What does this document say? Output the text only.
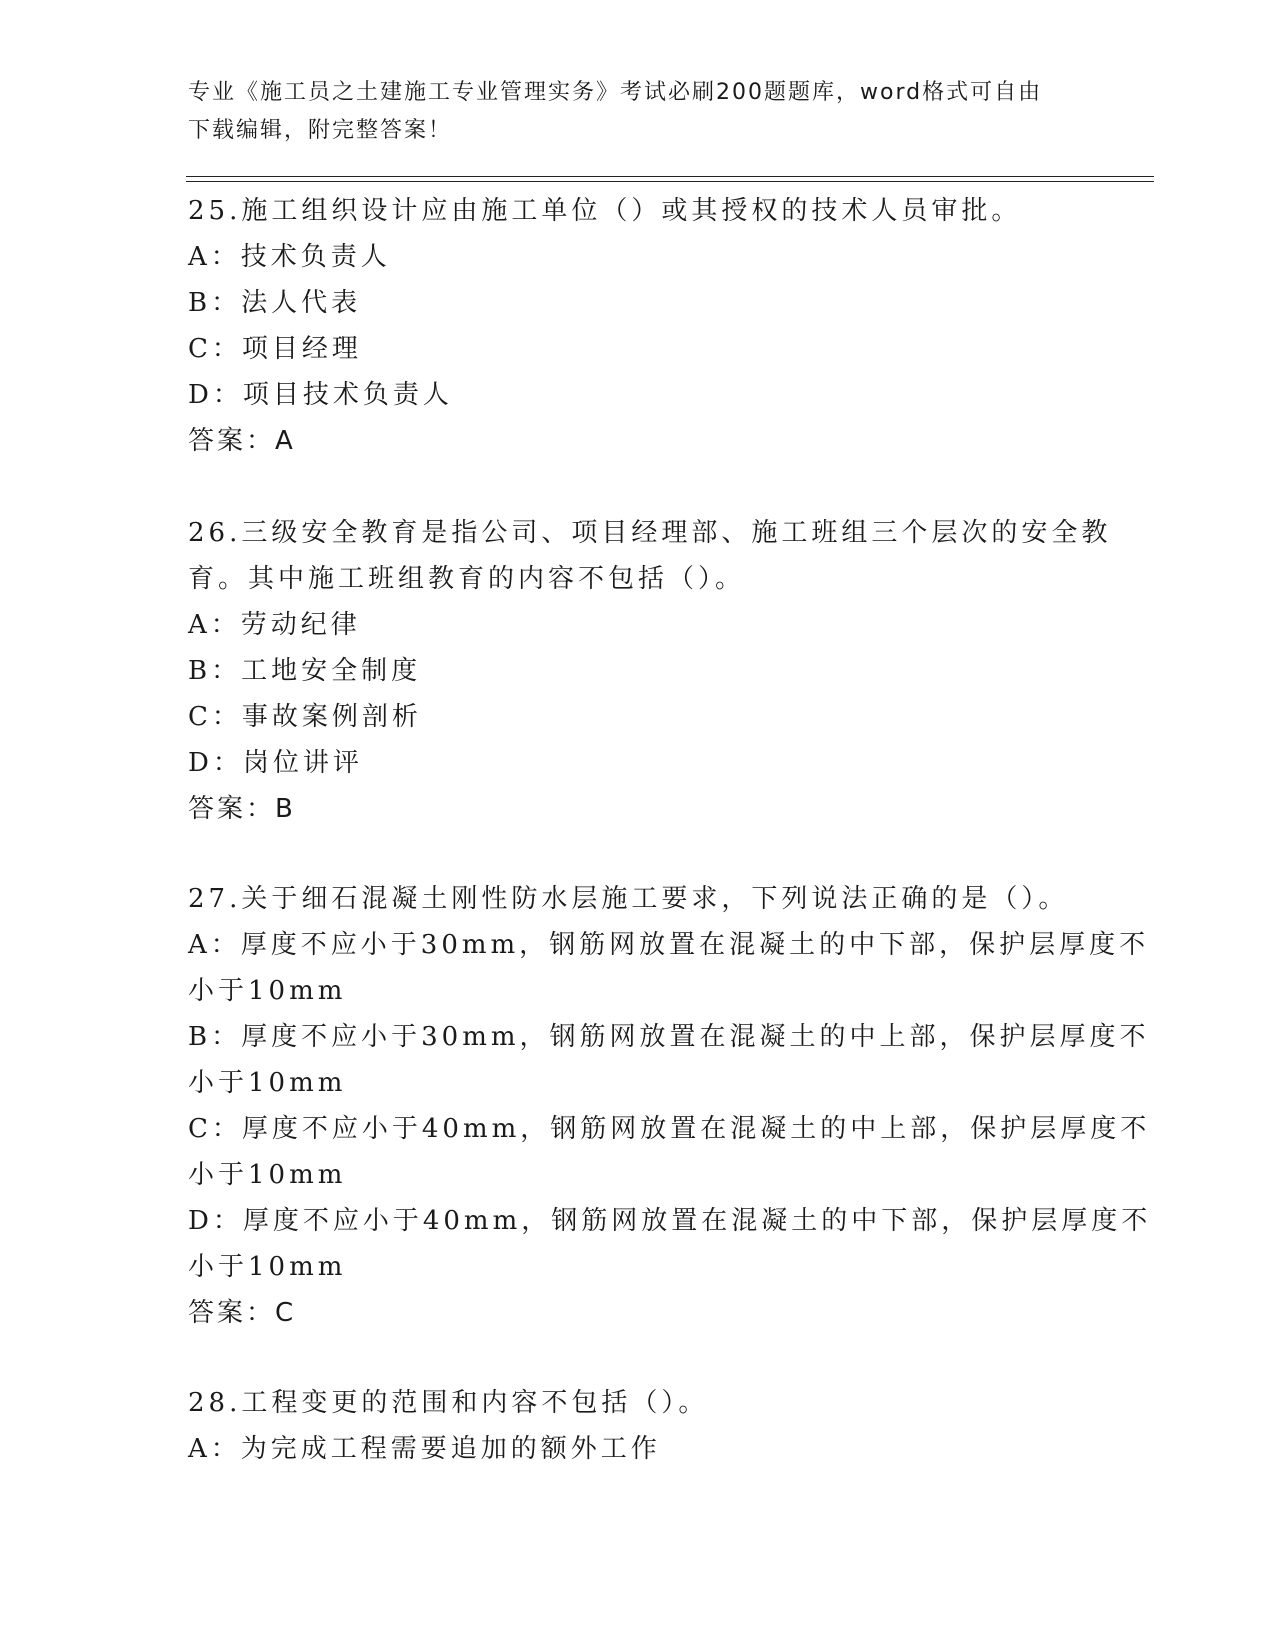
专业《施工员之土建施工专业管理实务》考试必刷200题题库，word格式可自由
下载编辑，附完整答案！
25.施工组织设计应由施工单位（）或其授权的技术人员审批。
A：技术负责人
B：法人代表
C：项目经理
D：项目技术负责人
答案：A
26.三级安全教育是指公司、项目经理部、施工班组三个层次的安全教
育。其中施工班组教育的内容不包括（）。
A：劳动纪律
B：工地安全制度
C：事故案例剖析
D：岗位讲评
答案：B
27.关于细石混凝土刚性防水层施工要求，下列说法正确的是（）。
A：厚度不应小于30mm，钢筋网放置在混凝土的中下部，保护层厚度不
小于10mm
B：厚度不应小于30mm，钢筋网放置在混凝土的中上部，保护层厚度不
小于10mm
C：厚度不应小于40mm，钢筋网放置在混凝土的中上部，保护层厚度不
小于10mm
D：厚度不应小于40mm，钢筋网放置在混凝土的中下部，保护层厚度不
小于10mm
答案：C
28.工程变更的范围和内容不包括（）。
A：为完成工程需要追加的额外工作
